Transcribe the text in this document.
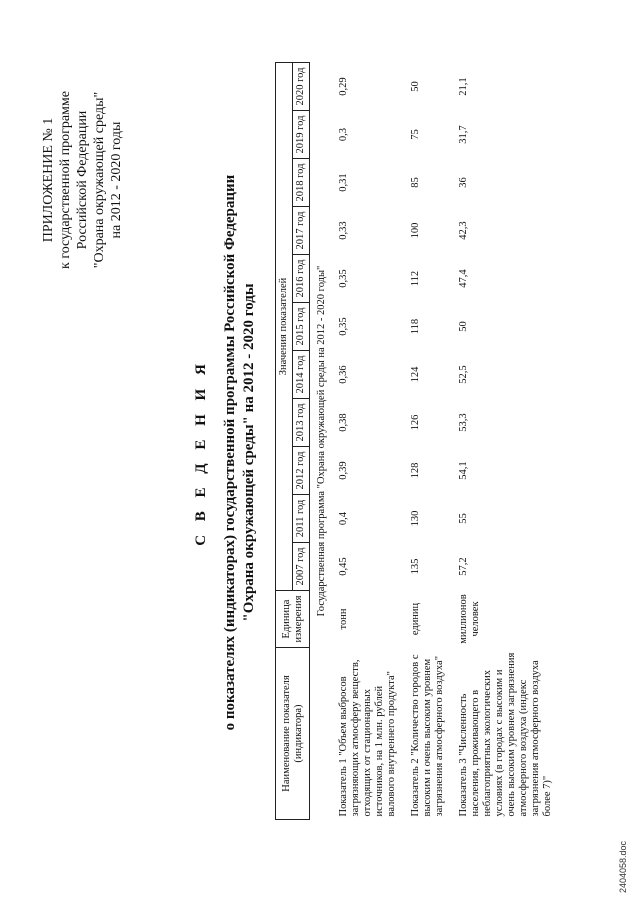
ПРИЛОЖЕНИЕ № 1 к государственной программе Российской Федерации "Охрана окружающей среды" на 2012 - 2020 годы
С В Е Д Е Н И Я о показателях (индикаторах) государственной программы Российской Федерации "Охрана окружающей среды" на 2012 - 2020 годы
Наименование показателя (индикатора)	Единица измерения	Значения показателей										
		2007 год	2011 год	2012 год	2013 год	2014 год	2015 год	2016 год	2017 год	2018 год	2019 год	2020 год
Государственная программа "Охрана окружающей среды на 2012 - 2020 годы"												
Показатель 1 "Объем выбросов загрязняющих атмосферу веществ, отходящих от стационарных источников, на 1 млн. рублей валового внутреннего продукта"	тонн	0,45	0,4	0,39	0,38	0,36	0,35	0,35	0,33	0,31	0,3	0,29
Показатель 2 "Количество городов с высоким и очень высоким уровнем загрязнения атмосферного воздуха"	единиц	135	130	128	126	124	118	112	100	85	75	50
Показатель 3 "Численность населения, проживающего в неблагоприятных экологических условиях (в городах с высоким и очень высоким уровнем загрязнения атмосферного воздуха (индекс загрязнения атмосферного воздуха более 7)"	миллионов человек	57,2	55	54,1	53,3	52,5	50	47,4	42,3	36	31,7	21,1
2404058.doc
